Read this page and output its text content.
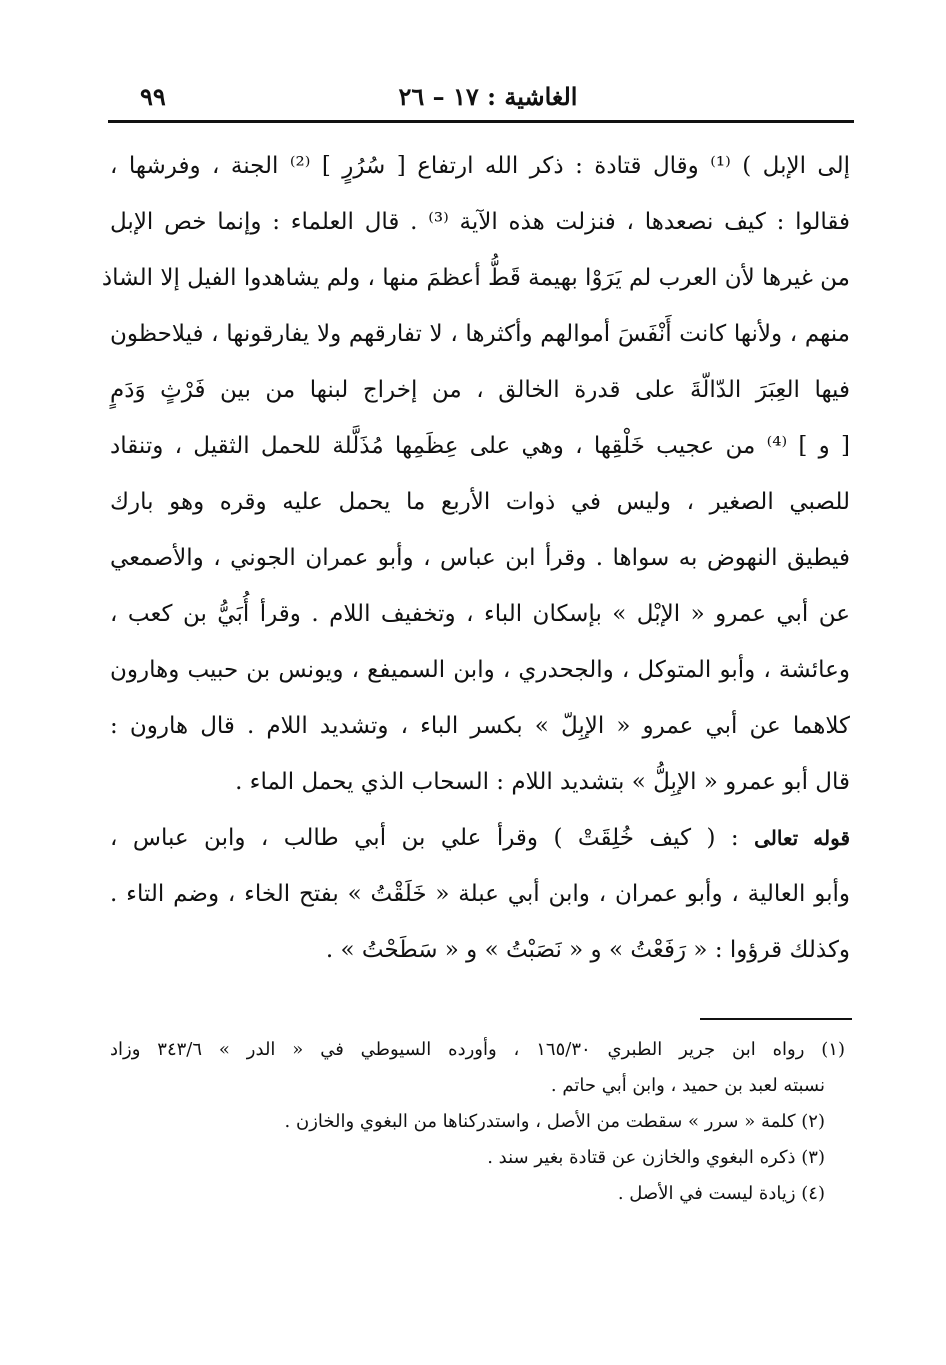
الغاشية : ١٧ – ٢٦
٩٩
إلى الإبل ) ⁽¹⁾ وقال قتادة : ذكر الله ارتفاع [ سُرُرٍ ] ⁽²⁾ الجنة ، وفرشها ،
فقالوا : كيف نصعدها ، فنزلت هذه الآية ⁽³⁾ . قال العلماء : وإنما خص الإبل
من غيرها لأن العرب لم يَرَوْا بهيمة قَطُّ أعظمَ منها ، ولم يشاهدوا الفيل إلا الشاذ
منهم ، ولأنها كانت أَنْفَسَ أموالهم وأكثرها ، لا تفارقهم ولا يفارقونها ، فيلاحظون
فيها العِبَرَ الدّالّةَ على قدرة الخالق ، من إخراج لبنها من بين فَرْثٍ وَدَمٍ
[ و ] ⁽⁴⁾ من عجيب خَلْقِها ، وهي على عِظَمِها مُذَلَّلة للحمل الثقيل ، وتنقاد
للصبي الصغير ، وليس في ذوات الأربع ما يحمل عليه وقره وهو بارك
فيطيق النهوض به سواها . وقرأ ابن عباس ، وأبو عمران الجوني ، والأصمعي
عن أبي عمرو « الإبْل » بإسكان الباء ، وتخفيف اللام . وقرأ أُبَيُّ بن كعب ،
وعائشة ، وأبو المتوكل ، والجحدري ، وابن السميفع ، ويونس بن حبيب وهارون
كلاهما عن أبي عمرو « الإبِلّ » بكسر الباء ، وتشديد اللام . قال هارون :
قال أبو عمرو « الإبِلُّ » بتشديد اللام : السحاب الذي يحمل الماء .
قوله تعالى : ( كيف خُلِقَتْ ) وقرأ علي بن أبي طالب ، وابن عباس ،
وأبو العالية ، وأبو عمران ، وابن أبي عبلة « خَلَقْتُ » بفتح الخاء ، وضم التاء .
وكذلك قرؤوا : « رَفَعْتُ » و « نَصَبْتُ » و « سَطَحْتُ » .
(١) رواه ابن جرير الطبري ١٦٥/٣٠ ، وأورده السيوطي في « الدر » ٣٤٣/٦ وزاد
نسبته لعبد بن حميد ، وابن أبي حاتم .
(٢) كلمة « سرر » سقطت من الأصل ، واستدركناها من البغوي والخازن .
(٣) ذكره البغوي والخازن عن قتادة بغير سند .
(٤) زيادة ليست في الأصل .
